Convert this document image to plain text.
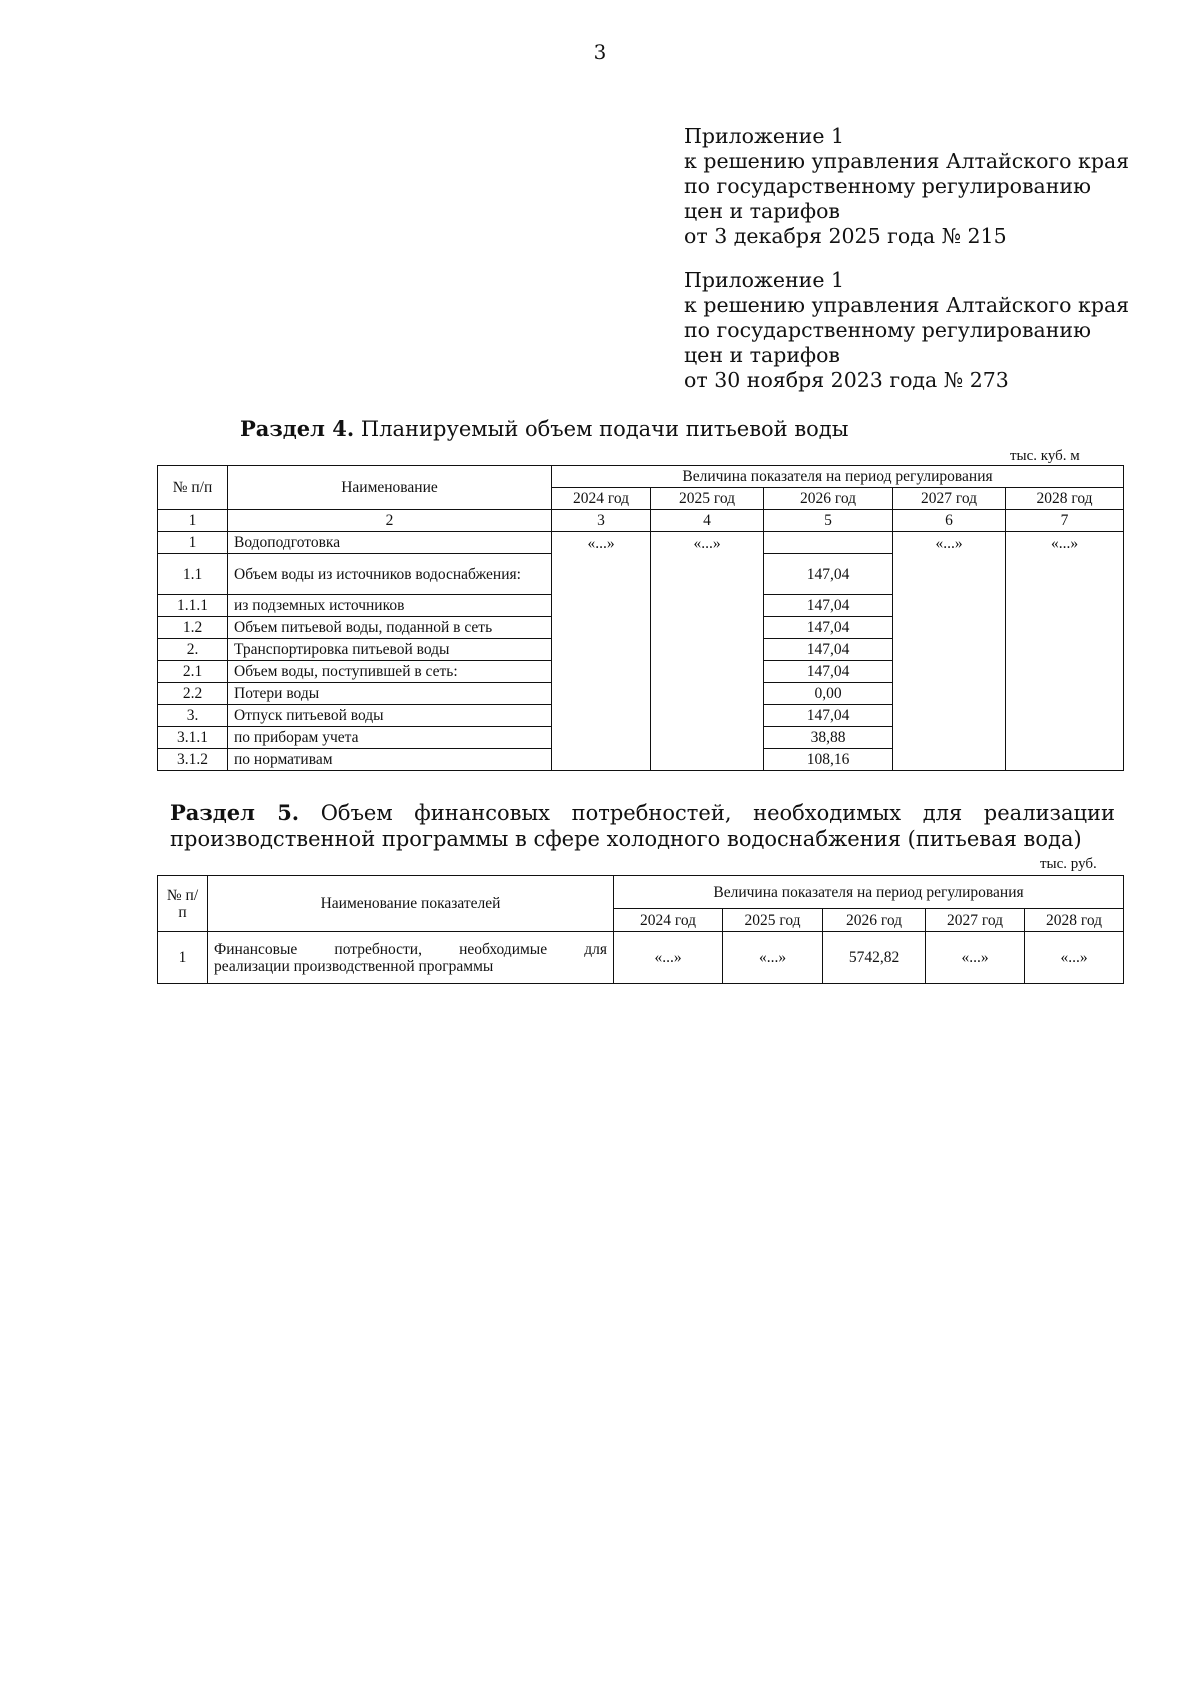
3
Приложение 1
к решению управления Алтайского края
по государственному регулированию
цен и тарифов
от 3 декабря 2025 года № 215
Приложение 1
к решению управления Алтайского края
по государственному регулированию
цен и тарифов
от 30 ноября 2023 года № 273
Раздел 4. Планируемый объем подачи питьевой воды
тыс. куб. м
№ п/п	Наименование	Величина показателя на период регулирования				
		2024 год	2025 год	2026 год	2027 год	2028 год
1	2	3	4	5	6	7
1	Водоподготовка	«...»	«...»		«...»	«...»
1.1	Объем воды из источников водоснабжения:			147,04		
1.1.1	из подземных источников			147,04		
1.2	Объем питьевой воды, поданной в сеть			147,04		
2.	Транспортировка питьевой воды			147,04		
2.1	Объем воды, поступившей в сеть:			147,04		
2.2	Потери воды			0,00		
3.	Отпуск питьевой воды			147,04		
3.1.1	по приборам учета			38,88		
3.1.2	по нормативам			108,16		
Раздел 5. Объем финансовых потребностей, необходимых для реализации
производственной программы в сфере холодного водоснабжения (питьевая вода)
тыс. руб.
№ п/п	Наименование показателей	Величина показателя на период регулирования				
		2024 год	2025 год	2026 год	2027 год	2028 год
1	Финансовые потребности, необходимые для
реализации производственной программы	«...»	«...»	5742,82	«...»	«...»
